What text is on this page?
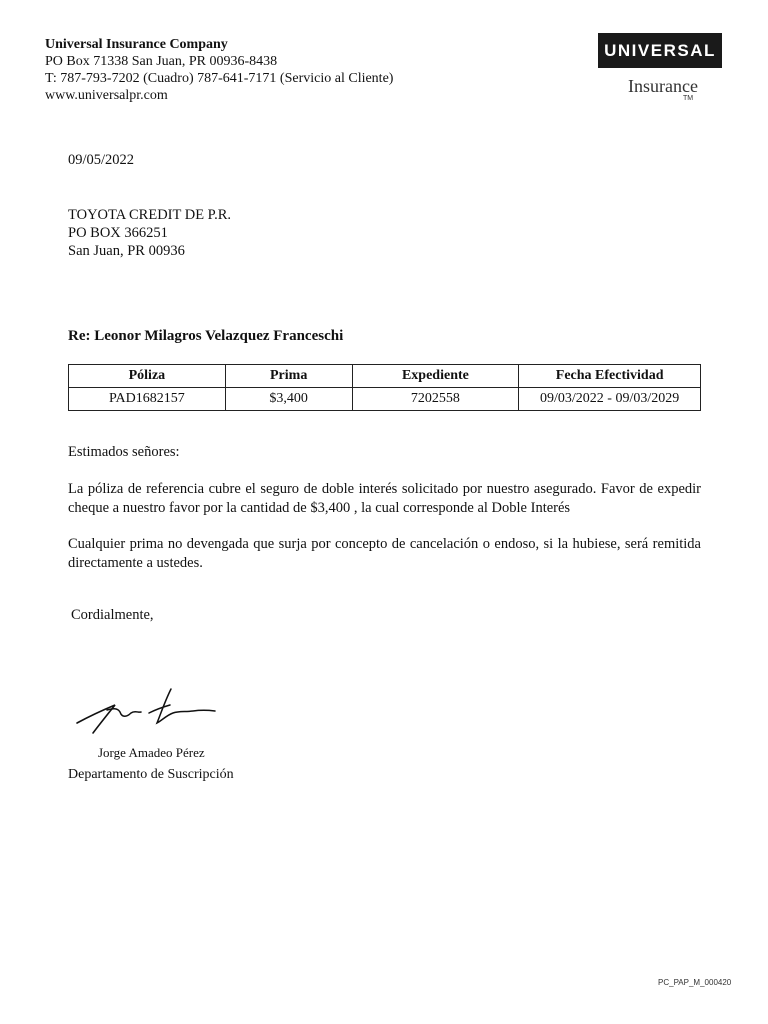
Universal Insurance Company
PO Box 71338 San Juan, PR 00936-8438
T: 787-793-7202 (Cuadro) 787-641-7171 (Servicio al Cliente)
www.universalpr.com
UNIVERSAL
Insurance
TM
09/05/2022
TOYOTA CREDIT DE P.R.
PO BOX 366251
San Juan, PR 00936
Re: Leonor Milagros Velazquez Franceschi
Póliza	Prima	Expediente	Fecha Efectividad
PAD1682157	$3,400	7202558	09/03/2022 - 09/03/2029
Estimados señores:
La póliza de referencia cubre el seguro de doble interés solicitado por nuestro asegurado. Favor de expedir cheque a nuestro favor por la cantidad de $3,400 , la cual corresponde al Doble Interés
Cualquier prima no devengada que surja por concepto de cancelación o endoso, si la hubiese, será remitida directamente a ustedes.
Cordialmente,
Jorge Amadeo Pérez
Departamento de Suscripción
PC_PAP_M_000420
